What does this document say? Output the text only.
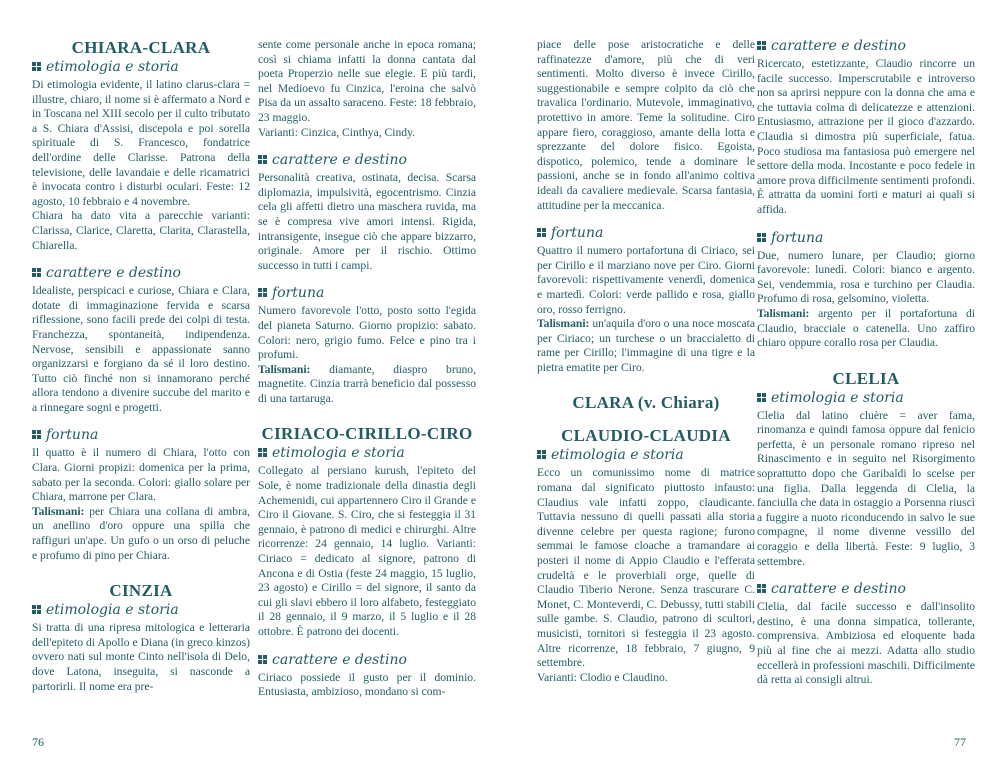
CHIARA-CLARA
etimologia e storia

Di etimologia evidente, il latino clarus-clara = illustre, chiaro, il nome si è affermato a Nord e in Toscana nel XIII secolo per il culto tributato a S. Chiara d'Assisi, discepola e poi sorella spirituale di S. Francesco, fondatrice dell'ordine delle Clarisse. Patrona della televisione, delle lavandaie e delle ricamatrici è invocata contro i disturbi oculari. Feste: 12 agosto, 10 febbraio e 4 novembre.

Chiara ha dato vita a parecchie varianti: Clarissa, Clarice, Claretta, Clarita, Clarastella, Chiarella.

carattere e destino

Idealiste, perspicaci e curiose, Chiara e Clara, dotate di immaginazione fervida e scarsa riflessione, sono facili prede dei colpi di testa. Franchezza, spontaneità, indipendenza. Nervose, sensibili e appassionate sanno organizzarsi e forgiano da sé il loro destino. Tutto ciò finché non si innamorano perché allora tendono a divenire succube del marito e a rinnegare sogni e progetti.

fortuna

Il quatto è il numero di Chiara, l'otto con Clara. Giorni propizi: domenica per la prima, sabato per la seconda. Colori: giallo solare per Chiara, marrone per Clara.

Talismani: per Chiara una collana di ambra, un anellino d'oro oppure una spilla che raffiguri un'ape. Un gufo o un orso di peluche e profumo di pino per Chiara.

CINZIA
etimologia e storia

Si tratta di una ripresa mitologica e letteraria dell'epiteto di Apollo e Diana (in greco kinzos) ovvero nati sul monte Cinto nell'isola di Delo, dove Latona, inseguita, si nasconde a partorirli. Il nome era pre-

sente come personale anche in epoca romana; così si chiama infatti la donna cantata dal poeta Properzio nelle sue elegie. E più tardi, nel Medioevo fu Cinzica, l'eroina che salvò Pisa da un assalto saraceno. Feste: 18 febbraio, 23 maggio.

Varianti: Cinzica, Cinthya, Cindy.

carattere e destino

Personalità creativa, ostinata, decisa. Scarsa diplomazia, impulsività, egocentrismo. Cinzia cela gli affetti dietro una maschera ruvida, ma se è compresa vive amori intensi. Rigida, intransigente, insegue ciò che appare bizzarro, originale. Amore per il rischio. Ottimo successo in tutti i campi.

fortuna

Numero favorevole l'otto, posto sotto l'egida del pianeta Saturno. Giorno propizio: sabato. Colori: nero, grigio fumo. Felce e pino tra i profumi.

Talismani: diamante, diaspro bruno, magnetite. Cinzia trarrà beneficio dal possesso di una tartaruga.

CIRIACO-CIRILLO-CIRO
etimologia e storia

Collegato al persiano kurush, l'epiteto del Sole, è nome tradizionale della dinastia degli Achemenidi, cui appartennero Ciro il Grande e Ciro il Giovane. S. Ciro, che si festeggia il 31 gennaio, è patrono di medici e chirurghi. Altre ricorrenze: 24 gennaio, 14 luglio. Varianti: Ciriaco = dedicato al signore, patrono di Ancona e di Ostia (feste 24 maggio, 15 luglio, 23 agosto) e Cirillo = del signore, il santo da cui gli slavi ebbero il loro alfabeto, festeggiato il 28 gennaio, il 9 marzo, il 5 luglio e il 28 ottobre. È patrono dei docenti.

carattere e destino

Ciriaco possiede il gusto per il dominio. Entusiasta, ambizioso, mondano si com-

piace delle pose aristocratiche e delle raffinatezze d'amore, più che di veri sentimenti. Molto diverso è invece Cirillo, suggestionabile e sempre colpito da ciò che travalica l'ordinario. Mutevole, immaginativo, protettivo in amore. Teme la solitudine. Ciro appare fiero, coraggioso, amante della lotta e sprezzante del dolore fisico. Egoista, dispotico, polemico, tende a dominare le passioni, anche se in fondo all'animo coltiva ideali da cavaliere medievale. Scarsa fantasia, attitudine per la meccanica.

fortuna

Quattro il numero portafortuna di Ciriaco, sei per Cirillo e il marziano nove per Ciro. Giorni favorevoli: rispettivamente venerdì, domenica e martedì. Colori: verde pallido e rosa, giallo oro, rosso ferrigno.

Talismani: un'aquila d'oro o una noce moscata per Ciriaco; un turchese o un braccialetto di rame per Cirillo; l'immagine di una tigre e la pietra ematite per Ciro.

CLARA (v. Chiara)
CLAUDIO-CLAUDIA
etimologia e storia

Ecco un comunissimo nome di matrice romana dal significato piuttosto infausto: Claudius vale infatti zoppo, claudicante. Tuttavia nessuno di quelli passati alla storia divenne celebre per questa ragione; furono semmai le famose cloache a tramandare ai posteri il nome di Appio Claudio e l'efferata crudeltà e le proverbiali orge, quelle di Claudio Tiberio Nerone. Senza trascurare C. Monet, C. Monteverdi, C. Debussy, tutti stabili sulle gambe. S. Claudio, patrono di scultori, musicisti, tornitori si festeggia il 23 agosto. Altre ricorrenze, 18 febbraio, 7 giugno, 9 settembre.

Varianti: Clodio e Claudino.

carattere e destino

Ricercato, estetizzante, Claudio rincorre un facile successo. Imperscrutabile e introverso non sa aprirsi neppure con la donna che ama e che tuttavia colma di delicatezze e attenzioni. Entusiasmo, attrazione per il gioco d'azzardo. Claudia si dimostra più superficiale, fatua. Poco studiosa ma fantasiosa può emergere nel settore della moda. Incostante e poco fedele in amore prova difficilmente sentimenti profondi. È attratta da uomini forti e maturi ai quali si affida.

fortuna

Due, numero lunare, per Claudio; giorno favorevole: lunedì. Colori: bianco e argento. Sei, vendemmia, rosa e turchino per Claudia. Profumo di rosa, gelsomino, violetta.

Talismani: argento per il portafortuna di Claudio, bracciale o catenella. Uno zaffiro chiaro oppure corallo rosa per Claudia.

CLELIA
etimologia e storia

Clelia dal latino cluère = aver fama, rinomanza e quindi famosa oppure dal fenicio perfetta, è un personale romano ripreso nel Rinascimento e in seguito nel Risorgimento soprattutto dopo che Garibaldi lo scelse per una figlia. Dalla leggenda di Clelia, la fanciulla che data in ostaggio a Porsenna riuscì a fuggire a nuoto riconducendo in salvo le sue compagne, il nome divenne vessillo del coraggio e della libertà. Feste: 9 luglio, 3 settembre.

carattere e destino

Clelia, dal facile successo e dall'insolito destino, è una donna simpatica, tollerante, comprensiva. Ambiziosa ed eloquente bada più al fine che ai mezzi. Adatta allo studio eccellerà in professioni maschili. Difficilmente dà retta ai consigli altrui.

76	77
